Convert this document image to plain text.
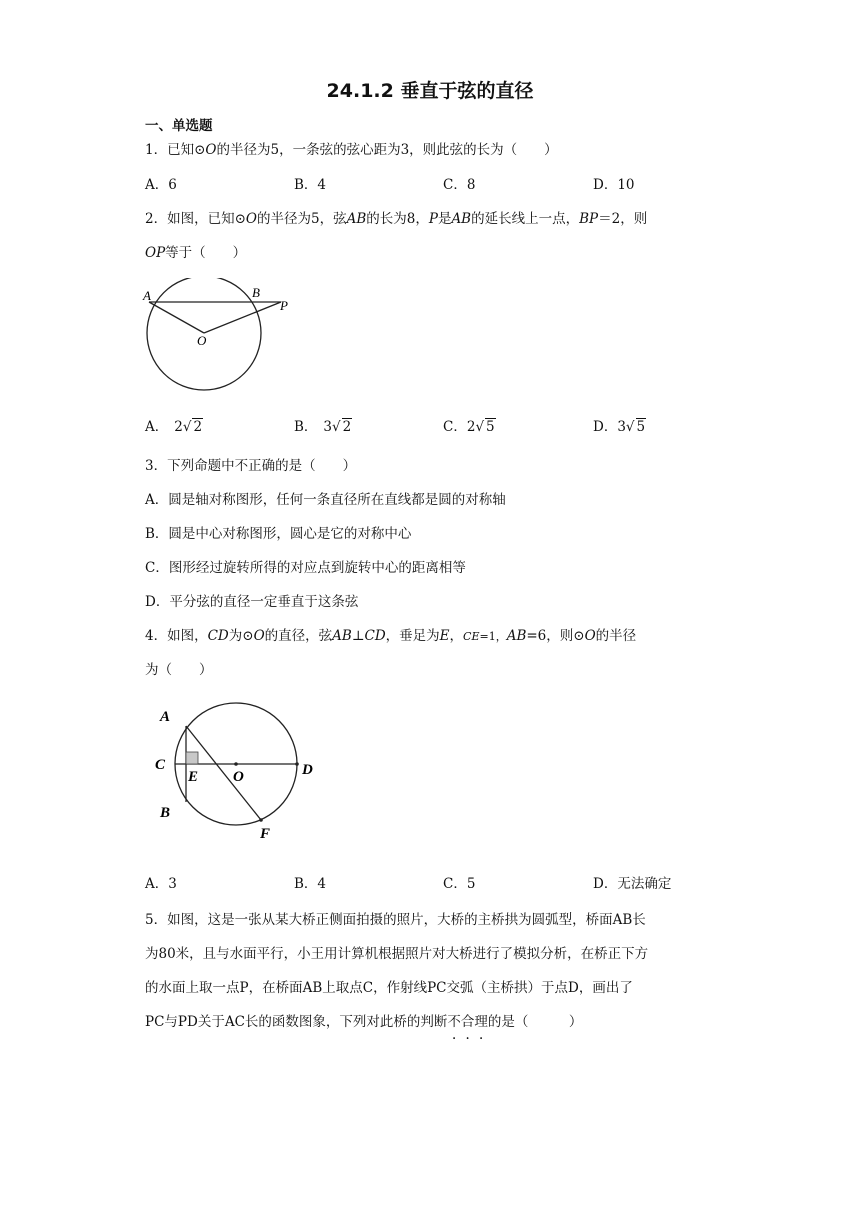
24.1.2 垂直于弦的直径
一、单选题
1．已知⊙O的半径为5，一条弦的弦心距为3，则此弦的长为（　　）
A．6	B．4	C．8	D．10
2．如图，已知⊙O的半径为5，弦AB的长为8，P是AB的延长线上一点，BP＝2，则
OP等于（　　）
A	B
P
O
A． 2√ 2	B． 3√ 2	C．2√ 5	D．3√ 5
3．下列命题中不正确的是（　　）
A．圆是轴对称图形，任何一条直径所在直线都是圆的对称轴
B．圆是中心对称图形，圆心是它的对称中心
C．图形经过旋转所得的对应点到旋转中心的距离相等
D．平分弦的直径一定垂直于这条弦
4．如图，CD为⊙O的直径，弦AB⊥CD，垂足为E，CE=1，AB=6，则⊙O的半径
为（　　）
A
C
E O	D
B
F
A．3	B．4	C．5	D．无法确定
5．如图，这是一张从某大桥正侧面拍摄的照片，大桥的主桥拱为圆弧型，桥面AB长
为80米，且与水面平行，小王用计算机根据照片对大桥进行了模拟分析，在桥正下方
的水面上取一点P，在桥面AB上取点C，作射线PC交弧（主桥拱）于点D，画出了
PC与PD关于AC长的函数图象，下列对此桥的判断不合理的是（　　　）
